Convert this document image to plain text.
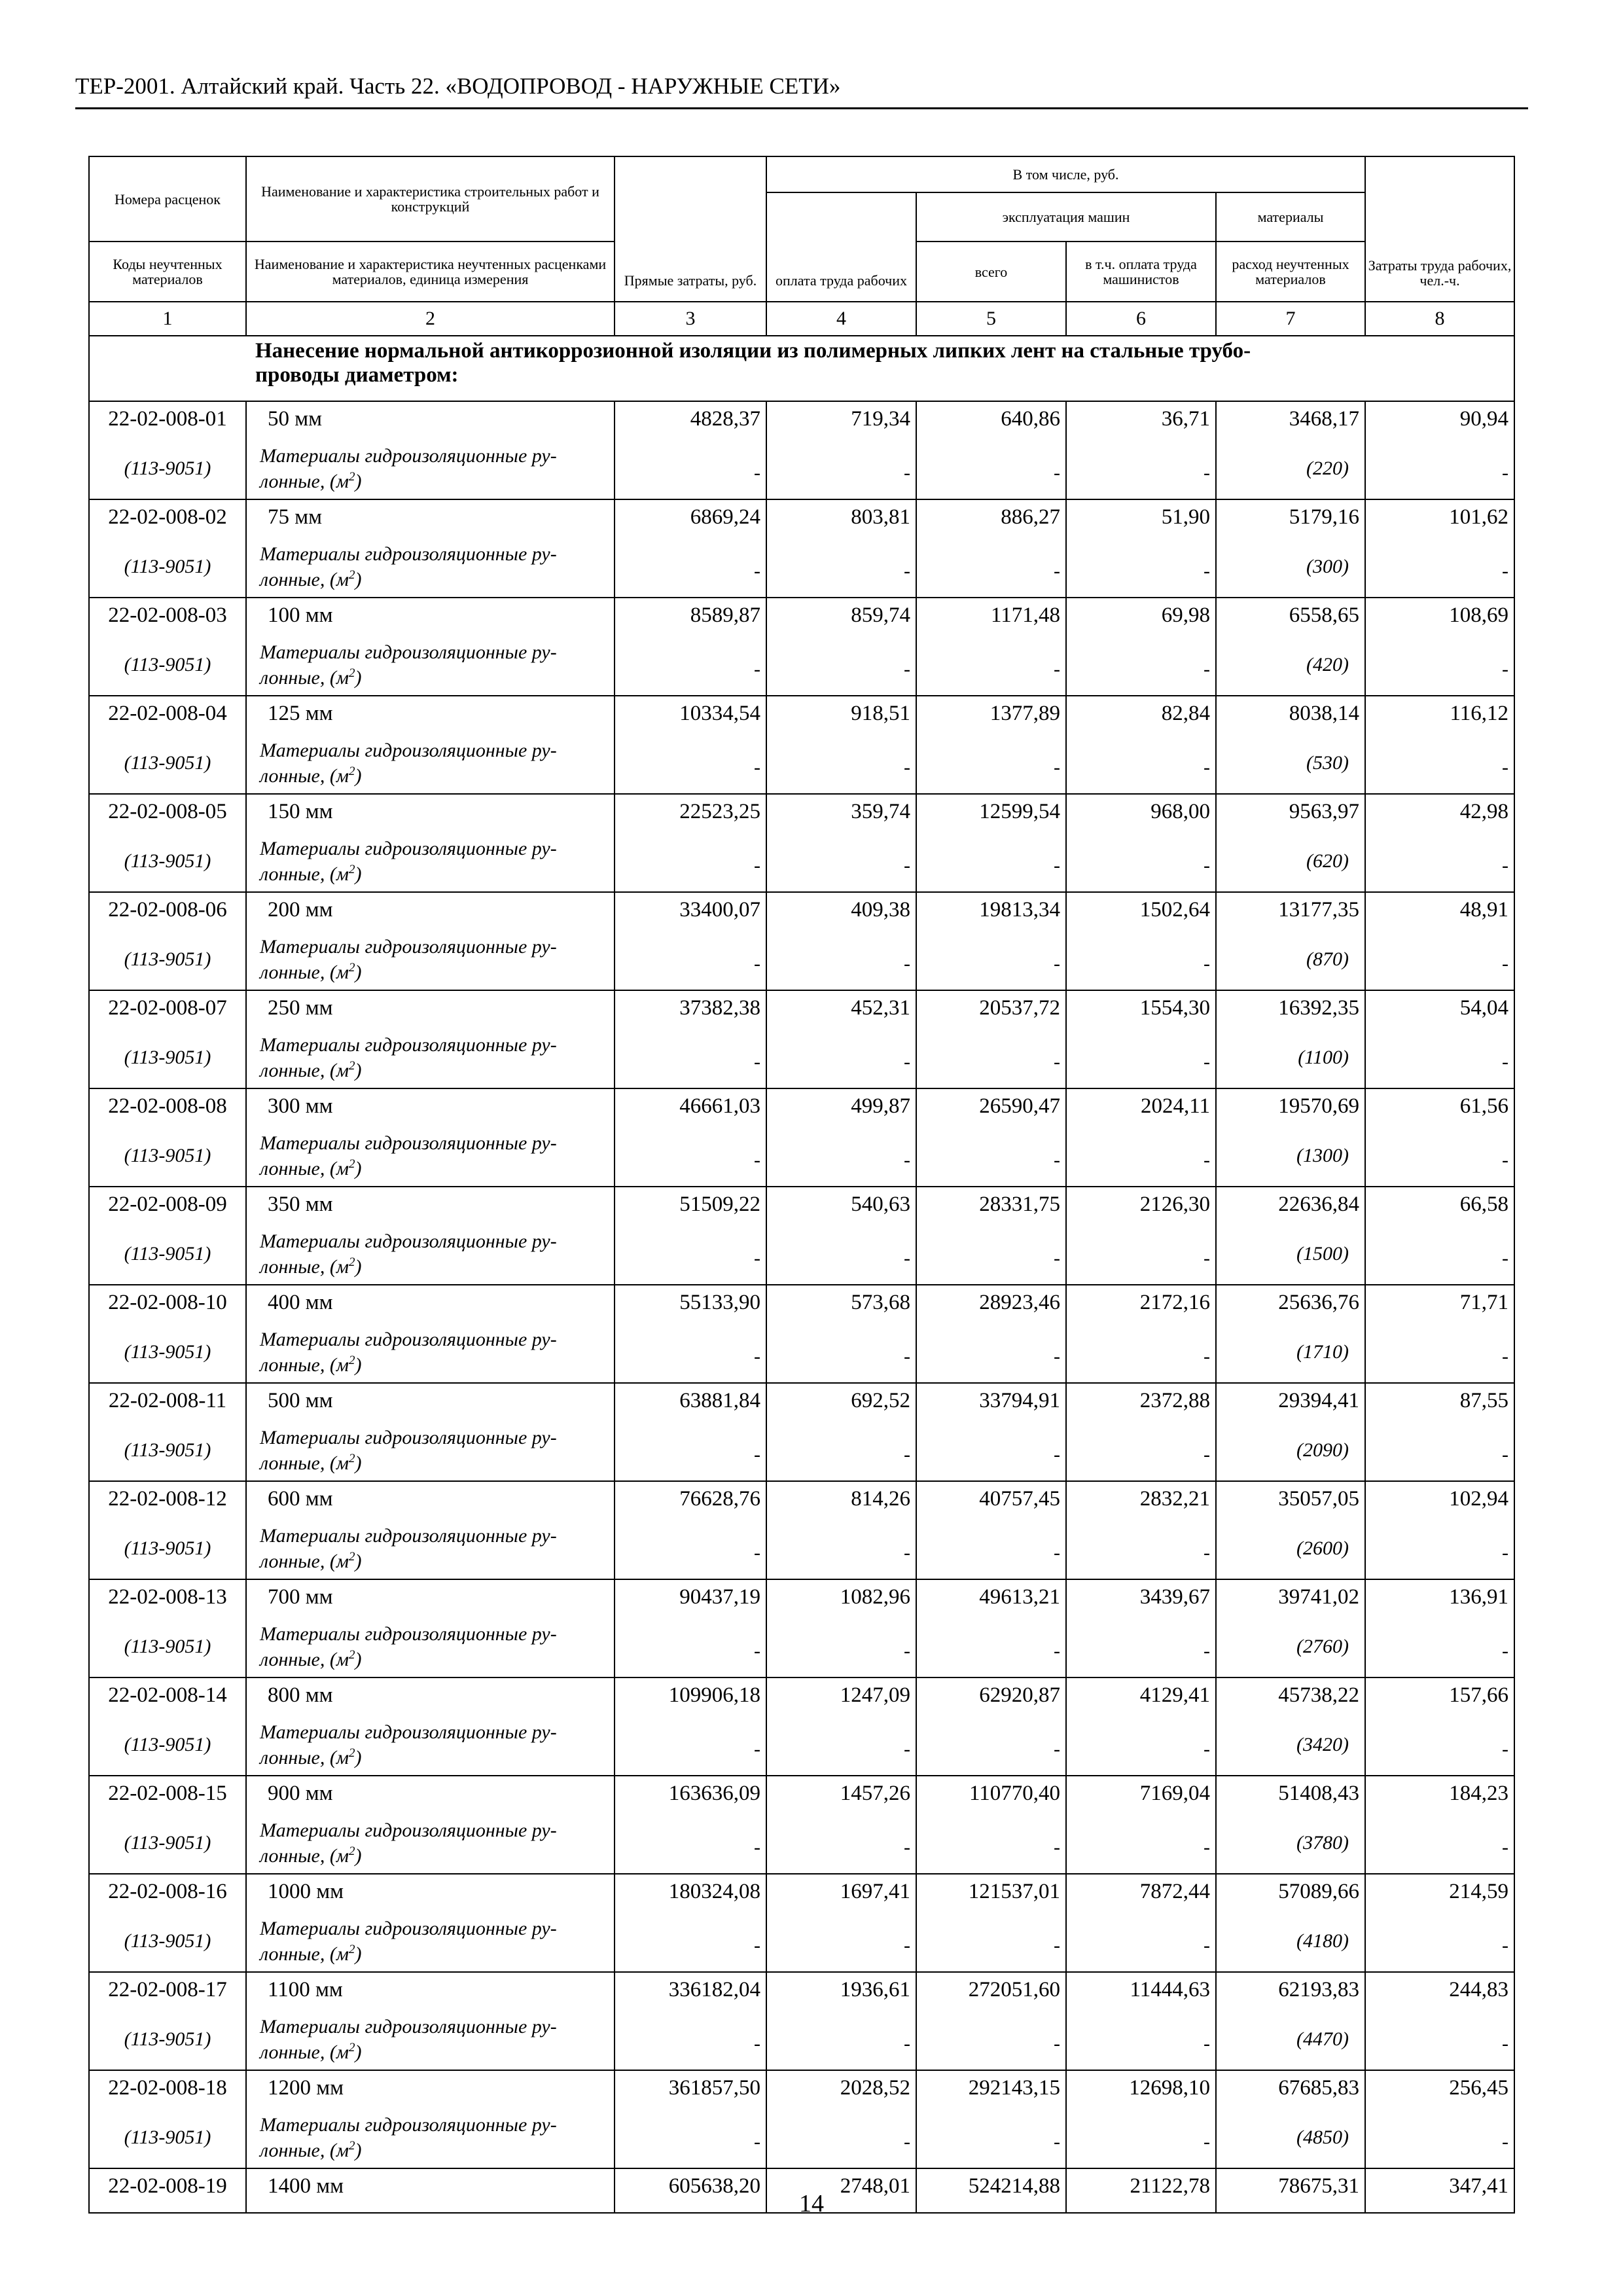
ТЕР-2001. Алтайский край. Часть 22. «ВОДОПРОВОД - НАРУЖНЫЕ СЕТИ»
Номера расценок	Наименование и характеристика строительных работ и конструкций	Прямые затраты, руб.	В том числе, руб.				Затраты труда рабочих, чел.-ч.
			оплата труда рабочих	эксплуатация машин		материалы	
Коды неучтенных материалов	Наименование и характеристика неучтенных расценками материалов, единица измерения			всего	в т.ч. оплата труда машинистов	расход неучтенных материалов	
1	2	3	4	5	6	7	8

Нанесение нормальной антикоррозионной изоляции из полимерных липких лент на стальные трубо-
проводы диаметром:							

22-02-008-01	50 мм	4828,37	719,34	640,86	36,71	3468,17	90,94
(113-9051)	Материалы гидроизоляционные ру-
лонные, $(м^2)$	-	-	-	-	(220)	-
22-02-008-02	75 мм	6869,24	803,81	886,27	51,90	5179,16	101,62
(113-9051)	Материалы гидроизоляционные ру-
лонные, $(м^2)$	-	-	-	-	(300)	-
22-02-008-03	100 мм	8589,87	859,74	1171,48	69,98	6558,65	108,69
(113-9051)	Материалы гидроизоляционные ру-
лонные, $(м^2)$	-	-	-	-	(420)	-
22-02-008-04	125 мм	10334,54	918,51	1377,89	82,84	8038,14	116,12
(113-9051)	Материалы гидроизоляционные ру-
лонные, $(м^2)$	-	-	-	-	(530)	-
22-02-008-05	150 мм	22523,25	359,74	12599,54	968,00	9563,97	42,98
(113-9051)	Материалы гидроизоляционные ру-
лонные, $(м^2)$	-	-	-	-	(620)	-
22-02-008-06	200 мм	33400,07	409,38	19813,34	1502,64	13177,35	48,91
(113-9051)	Материалы гидроизоляционные ру-
лонные, $(м^2)$	-	-	-	-	(870)	-
22-02-008-07	250 мм	37382,38	452,31	20537,72	1554,30	16392,35	54,04
(113-9051)	Материалы гидроизоляционные ру-
лонные, $(м^2)$	-	-	-	-	(1100)	-
22-02-008-08	300 мм	46661,03	499,87	26590,47	2024,11	19570,69	61,56
(113-9051)	Материалы гидроизоляционные ру-
лонные, $(м^2)$	-	-	-	-	(1300)	-
22-02-008-09	350 мм	51509,22	540,63	28331,75	2126,30	22636,84	66,58
(113-9051)	Материалы гидроизоляционные ру-
лонные, $(м^2)$	-	-	-	-	(1500)	-
22-02-008-10	400 мм	55133,90	573,68	28923,46	2172,16	25636,76	71,71
(113-9051)	Материалы гидроизоляционные ру-
лонные, $(м^2)$	-	-	-	-	(1710)	-
22-02-008-11	500 мм	63881,84	692,52	33794,91	2372,88	29394,41	87,55
(113-9051)	Материалы гидроизоляционные ру-
лонные, $(м^2)$	-	-	-	-	(2090)	-
22-02-008-12	600 мм	76628,76	814,26	40757,45	2832,21	35057,05	102,94
(113-9051)	Материалы гидроизоляционные ру-
лонные, $(м^2)$	-	-	-	-	(2600)	-
22-02-008-13	700 мм	90437,19	1082,96	49613,21	3439,67	39741,02	136,91
(113-9051)	Материалы гидроизоляционные ру-
лонные, $(м^2)$	-	-	-	-	(2760)	-
22-02-008-14	800 мм	109906,18	1247,09	62920,87	4129,41	45738,22	157,66
(113-9051)	Материалы гидроизоляционные ру-
лонные, $(м^2)$	-	-	-	-	(3420)	-
22-02-008-15	900 мм	163636,09	1457,26	110770,40	7169,04	51408,43	184,23
(113-9051)	Материалы гидроизоляционные ру-
лонные, $(м^2)$	-	-	-	-	(3780)	-
22-02-008-16	1000 мм	180324,08	1697,41	121537,01	7872,44	57089,66	214,59
(113-9051)	Материалы гидроизоляционные ру-
лонные, $(м^2)$	-	-	-	-	(4180)	-
22-02-008-17	1100 мм	336182,04	1936,61	272051,60	11444,63	62193,83	244,83
(113-9051)	Материалы гидроизоляционные ру-
лонные, $(м^2)$	-	-	-	-	(4470)	-
22-02-008-18	1200 мм	361857,50	2028,52	292143,15	12698,10	67685,83	256,45
(113-9051)	Материалы гидроизоляционные ру-
лонные, $(м^2)$	-	-	-	-	(4850)	-
22-02-008-19	1400 мм	605638,20	2748,01	524214,88	21122,78	78675,31	347,41
14
